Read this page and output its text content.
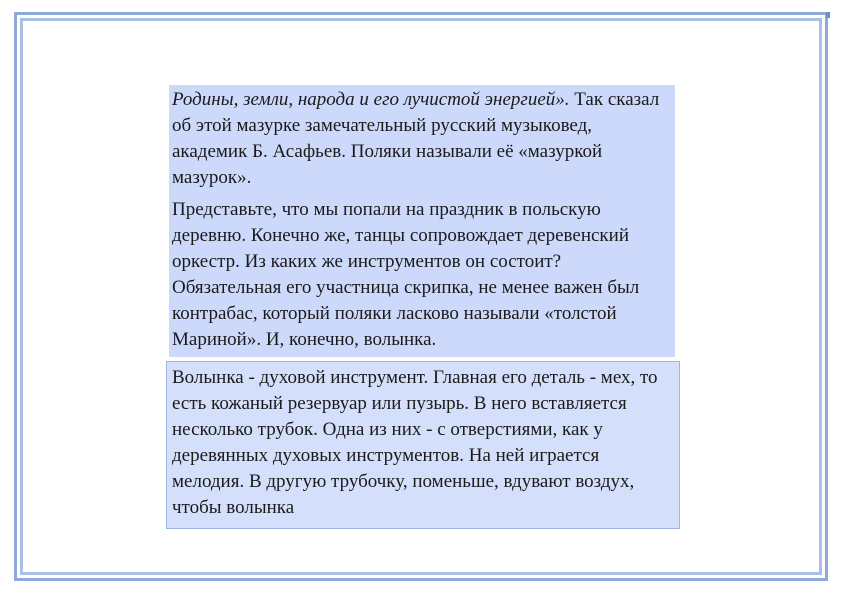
Родины, земли, народа и его лучистой энергией». Так сказал об этой мазурке замечательный русский музыковед, академик Б. Асафьев. Поляки называли её «мазуркой мазурок».

Представьте, что мы попали на праздник в польскую деревню. Конечно же, танцы сопровождает деревенский оркестр. Из каких же инструментов он состоит? Обязательная его участница скрипка, не менее важен был контрабас, который поляки ласково называли «толстой Мариной». И, конечно, волынка.

Волынка - духовой инструмент. Главная его деталь - мех, то есть кожаный резервуар или пузырь. В него вставляется несколько трубок. Одна из них - с отверстиями, как у деревянных духовых инструментов. На ней играется мелодия. В другую трубочку, поменьше, вдувают воздух, чтобы волынка
